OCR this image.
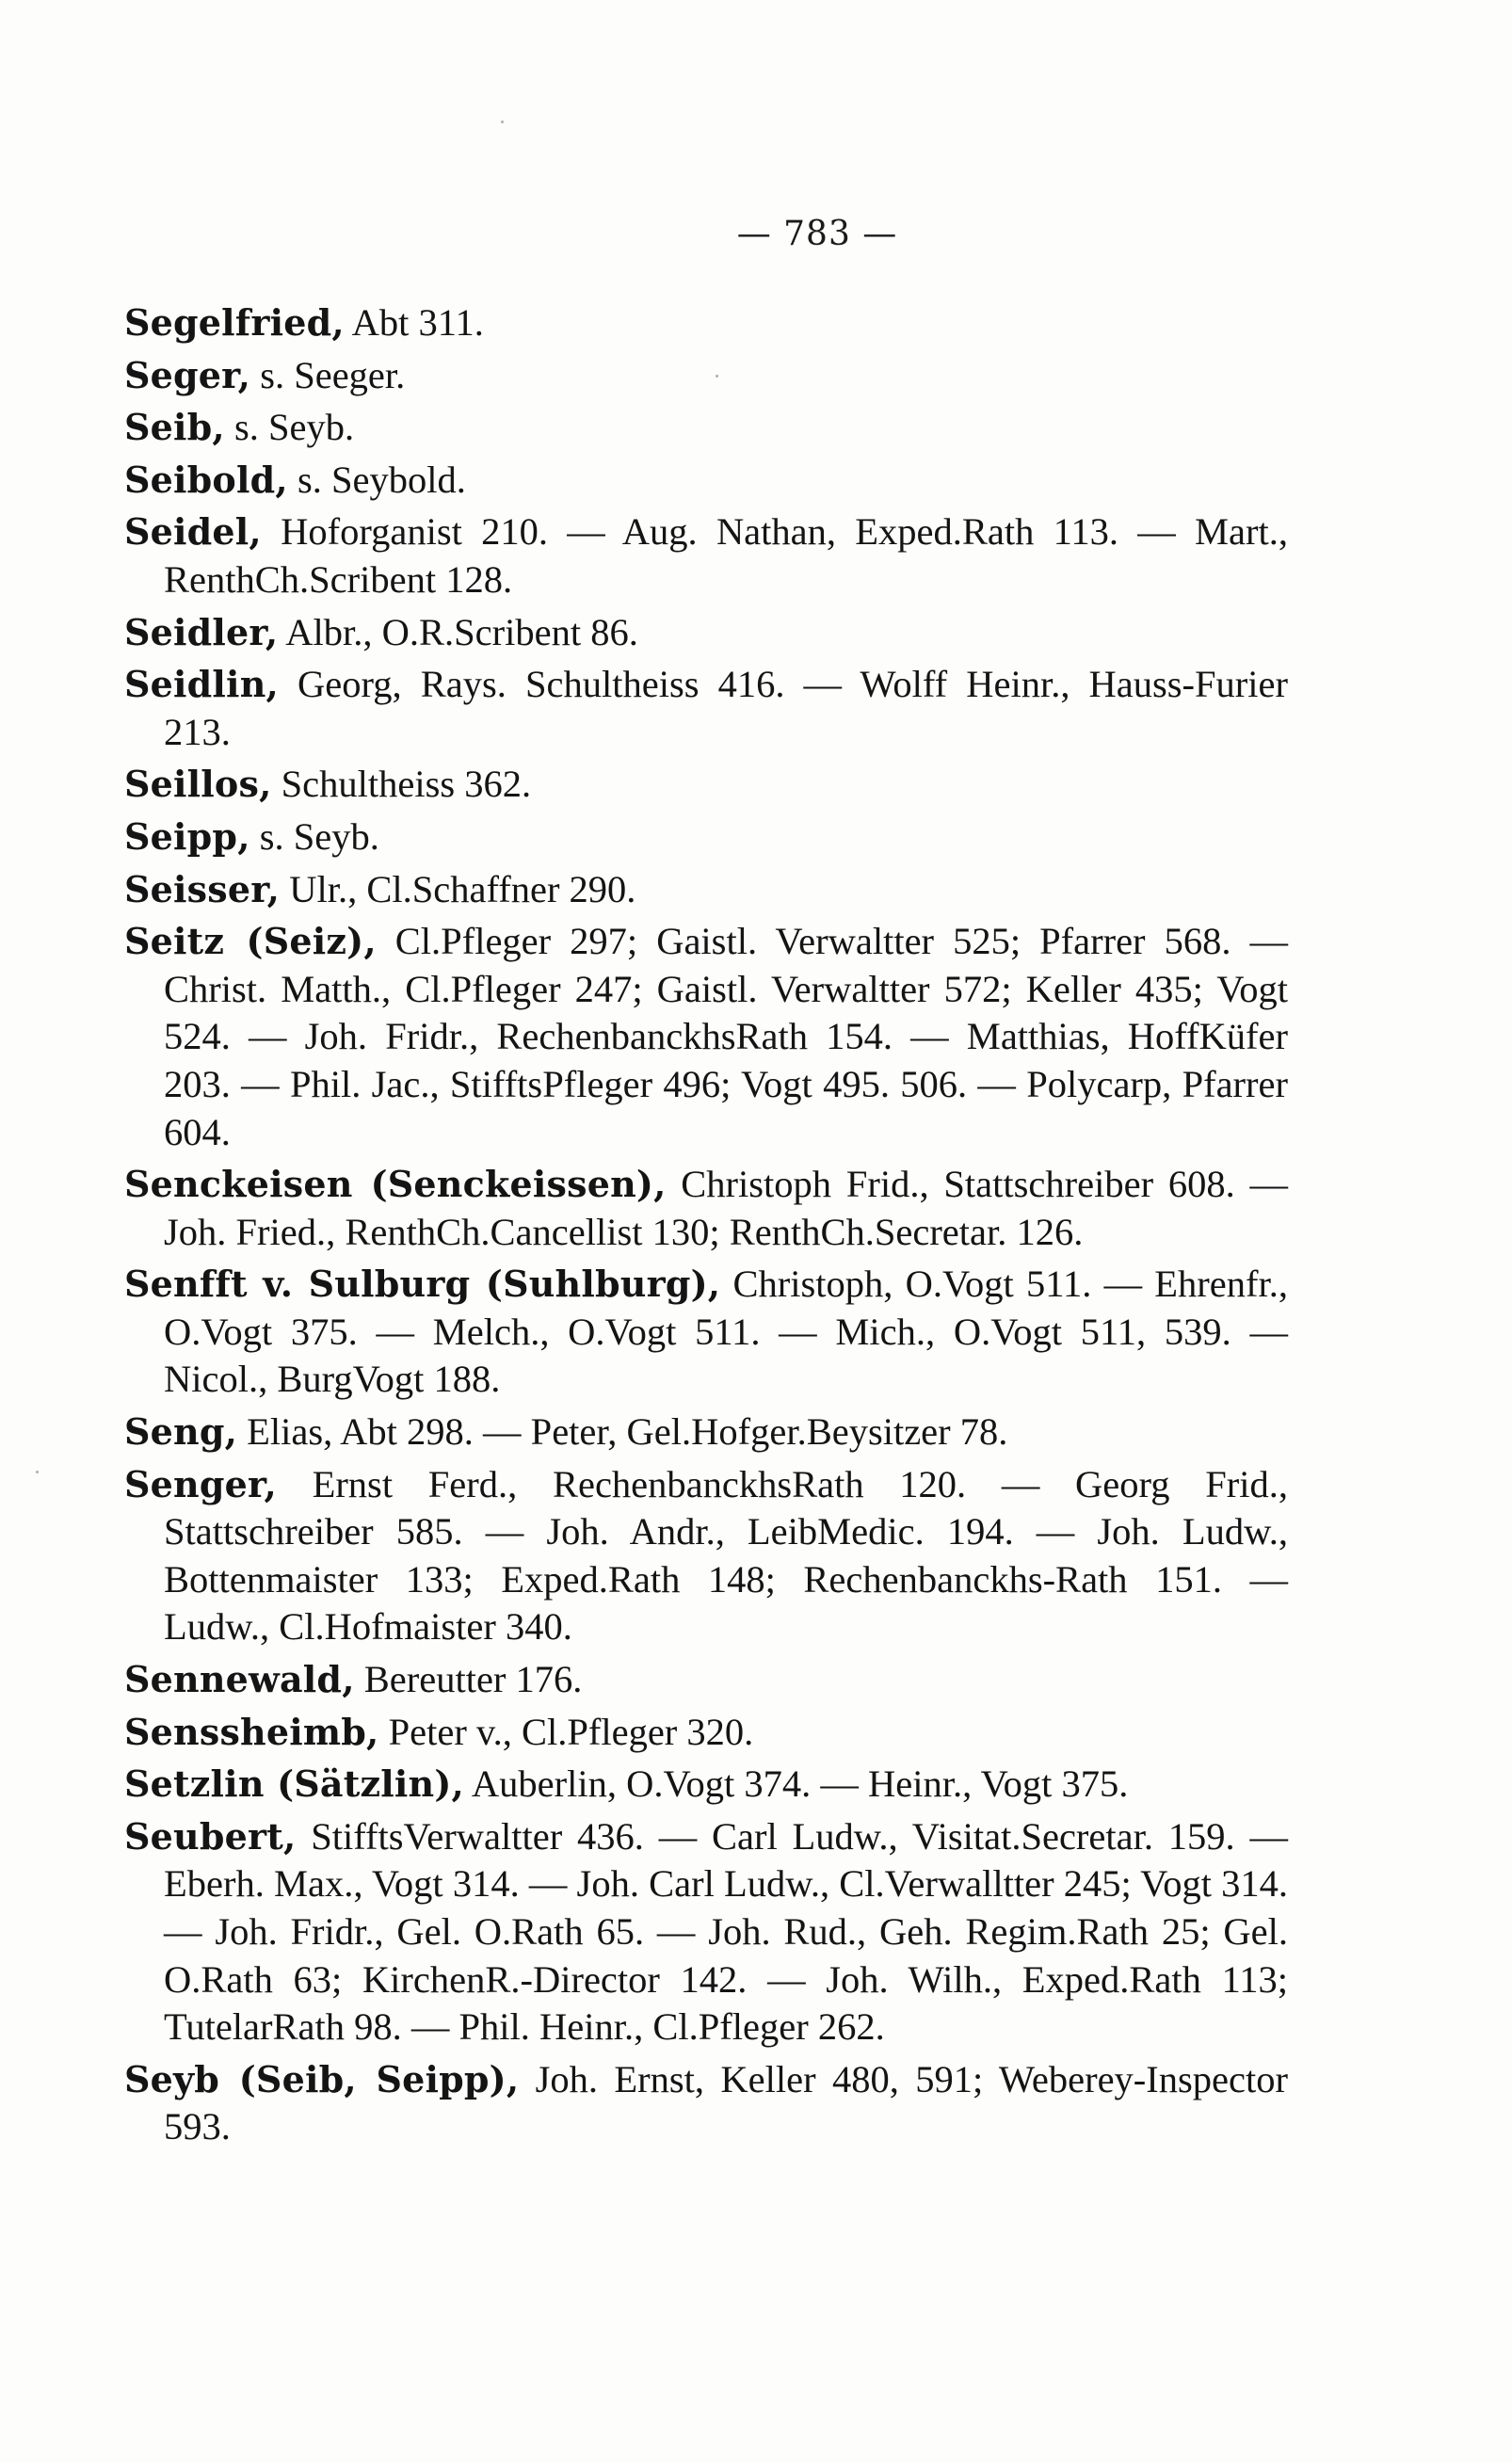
— 783 —

Segelfried, Abt 311.

Seger, s. Seeger.

Seib, s. Seyb.

Seibold, s. Seybold.

Seidel, Hoforganist 210. — Aug. Nathan, Exped.Rath 113. — Mart., RenthCh.Scribent 128.

Seidler, Albr., O.R.Scribent 86.

Seidlin, Georg, Rays. Schultheiss 416. — Wolff Heinr., Hauss-Furier 213.

Seillos, Schultheiss 362.

Seipp, s. Seyb.

Seisser, Ulr., Cl.Schaffner 290.

Seitz (Seiz), Cl.Pfleger 297; Gaistl. Verwaltter 525; Pfarrer 568. — Christ. Matth., Cl.Pfleger 247; Gaistl. Verwaltter 572; Keller 435; Vogt 524. — Joh. Fridr., RechenbanckhsRath 154. — Matthias, HoffKüfer 203. — Phil. Jac., StifftsPfleger 496; Vogt 495. 506. — Polycarp, Pfarrer 604.

Senckeisen (Senckeissen), Christoph Frid., Stattschreiber 608. — Joh. Fried., RenthCh.Cancellist 130; RenthCh.Secretar. 126.

Senfft v. Sulburg (Suhlburg), Christoph, O.Vogt 511. — Ehrenfr., O.Vogt 375. — Melch., O.Vogt 511. — Mich., O.Vogt 511, 539. — Nicol., BurgVogt 188.

Seng, Elias, Abt 298. — Peter, Gel.Hofger.Beysitzer 78.

Senger, Ernst Ferd., RechenbanckhsRath 120. — Georg Frid., Stattschreiber 585. — Joh. Andr., LeibMedic. 194. — Joh. Ludw., Bottenmaister 133; Exped.Rath 148; Rechenbanckhs-Rath 151. — Ludw., Cl.Hofmaister 340.

Sennewald, Bereutter 176.

Senssheimb, Peter v., Cl.Pfleger 320.

Setzlin (Sätzlin), Auberlin, O.Vogt 374. — Heinr., Vogt 375.

Seubert, StifftsVerwaltter 436. — Carl Ludw., Visitat.Secretar. 159. — Eberh. Max., Vogt 314. — Joh. Carl Ludw., Cl.Verwalltter 245; Vogt 314. — Joh. Fridr., Gel. O.Rath 65. — Joh. Rud., Geh. Regim.Rath 25; Gel. O.Rath 63; KirchenR.-Director 142. — Joh. Wilh., Exped.Rath 113; TutelarRath 98. — Phil. Heinr., Cl.Pfleger 262.

Seyb (Seib, Seipp), Joh. Ernst, Keller 480, 591; Weberey-Inspector 593.
